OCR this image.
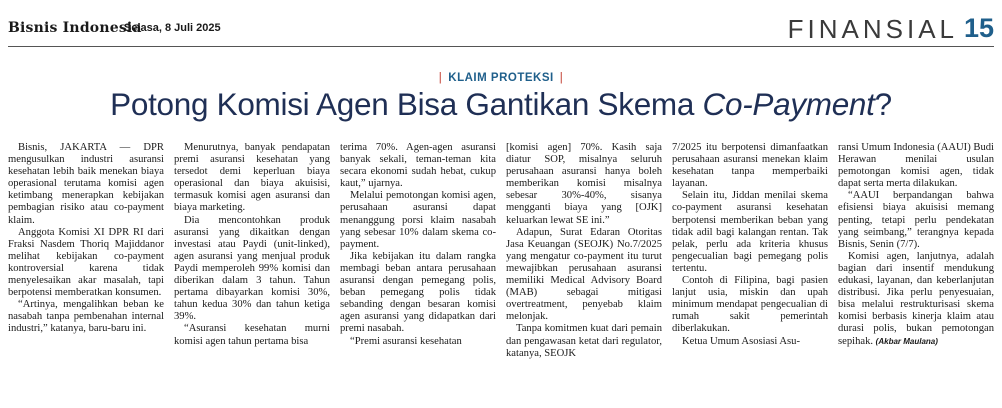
Bisnis Indonesia
Selasa, 8 Juli 2025	FINANSIAL 15
| KLAIM PROTEKSI |
Potong Komisi Agen Bisa Gantikan Skema Co-Payment?

Bisnis, JAKARTA — DPR mengusulkan industri asuransi kesehatan lebih baik menekan biaya operasional terutama komisi agen ketimbang menerapkan kebijakan pembagian risiko atau co-payment klaim.

Anggota Komisi XI DPR RI dari Fraksi Nasdem Thoriq Majiddanor melihat kebijakan co-payment kontroversial karena tidak menyelesaikan akar masalah, tapi berpotensi memberatkan konsumen.

“Artinya, mengalihkan beban ke nasabah tanpa pembenahan internal industri,” katanya, baru-baru ini.

Menurutnya, banyak pendapatan premi asuransi kesehatan yang tersedot demi keperluan biaya operasional dan biaya akuisisi, termasuk komisi agen asuransi dan biaya marketing.

Dia mencontohkan produk asuransi yang dikaitkan dengan investasi atau Paydi (unit-linked), agen asuransi yang menjual produk Paydi memperoleh 99% komisi dan diberikan dalam 3 tahun. Tahun pertama dibayarkan komisi 30%, tahun kedua 30% dan tahun ketiga 39%.

“Asuransi kesehatan murni komisi agen tahun pertama bisa

terima 70%. Agen-agen asuransi banyak sekali, teman-teman kita secara ekonomi sudah hebat, cukup kaut,” ujarnya.

Melalui pemotongan komisi agen, perusahaan asuransi dapat menanggung porsi klaim nasabah yang sebesar 10% dalam skema co-payment.

Jika kebijakan itu dalam rangka membagi beban antara perusahaan asuransi dengan pemegang polis, beban pemegang polis tidak sebanding dengan besaran komisi agen asuransi yang didapatkan dari premi nasabah.

“Premi asuransi kesehatan

[komisi agen] 70%. Kasih saja diatur SOP, misalnya seluruh perusahaan asuransi hanya boleh memberikan komisi misalnya sebesar 30%-40%, sisanya mengganti biaya yang [OJK] keluarkan lewat SE ini.”

Adapun, Surat Edaran Otoritas Jasa Keuangan (SEOJK) No.7/2025 yang mengatur co-payment itu turut mewajibkan perusahaan asuransi memiliki Medical Advisory Board (MAB) sebagai mitigasi overtreatment, penyebab klaim melonjak.

Tanpa komitmen kuat dari pemain dan pengawasan ketat dari regulator, katanya, SEOJK

7/2025 itu berpotensi dimanfaatkan perusahaan asuransi menekan klaim kesehatan tanpa memperbaiki layanan.

Selain itu, Jiddan menilai skema co-payment asuransi kesehatan berpotensi memberikan beban yang tidak adil bagi kalangan rentan. Tak pelak, perlu ada kriteria khusus pengecualian bagi pemegang polis tertentu.

Contoh di Filipina, bagi pasien lanjut usia, miskin dan upah minimum mendapat pengecualian di rumah sakit pemerintah diberlakukan.

Ketua Umum Asosiasi Asu-

ransi Umum Indonesia (AAUI) Budi Herawan menilai usulan pemotongan komisi agen, tidak dapat serta merta dilakukan.

“AAUI berpandangan bahwa efisiensi biaya akuisisi memang penting, tetapi perlu pendekatan yang seimbang,” terangnya kepada Bisnis, Senin (7/7).

Komisi agen, lanjutnya, adalah bagian dari insentif mendukung edukasi, layanan, dan keberlanjutan distribusi. Jika perlu penyesuaian, bisa melalui restrukturisasi skema komisi berbasis kinerja klaim atau durasi polis, bukan pemotongan sepihak. (Akbar Maulana)
